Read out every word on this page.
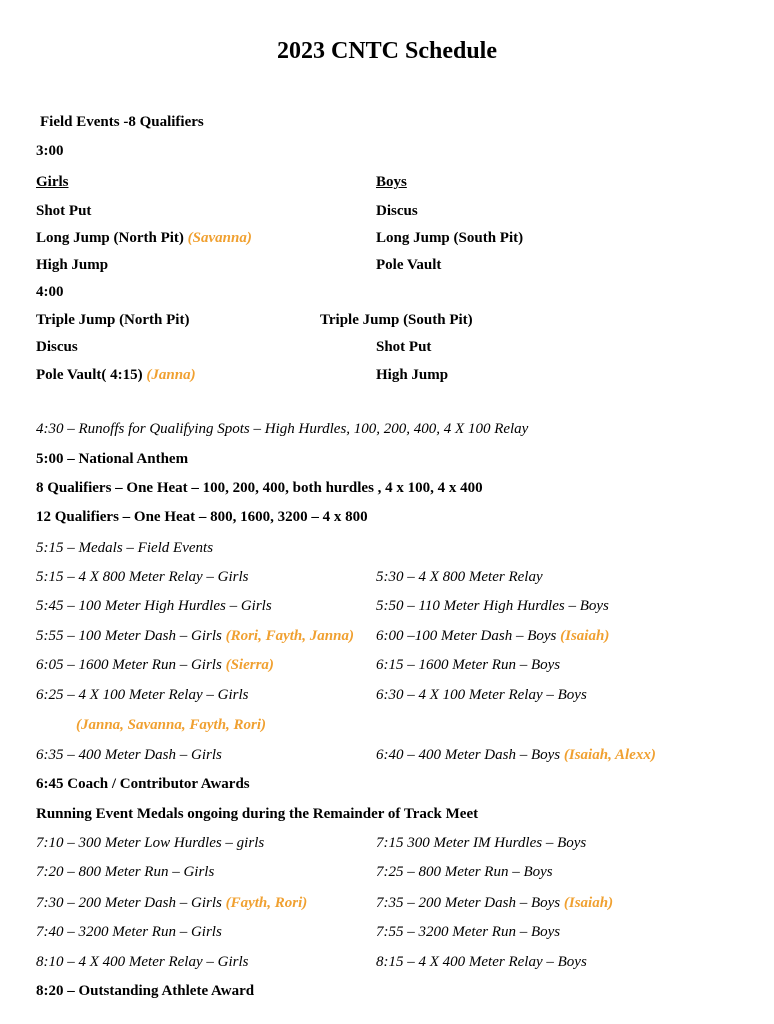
2023 CNTC Schedule
Field Events -8 Qualifiers
3:00
Girls	Boys
Shot Put	Discus
Long Jump (North Pit) (Savanna)	Long Jump (South Pit)
High Jump	Pole Vault
4:00
Triple Jump (North Pit)	Triple Jump (South Pit)
Discus	Shot Put
Pole Vault( 4:15) (Janna)	High Jump
4:30 – Runoffs for Qualifying Spots – High Hurdles, 100, 200, 400, 4 X 100 Relay
5:00 – National Anthem
8 Qualifiers – One Heat – 100, 200, 400, both hurdles , 4 x 100, 4 x 400
12 Qualifiers – One Heat – 800, 1600, 3200 – 4 x 800
5:15 – Medals – Field Events
5:15 – 4 X 800 Meter Relay – Girls	5:30 – 4 X 800 Meter Relay
5:45 – 100 Meter High Hurdles – Girls	5:50 – 110 Meter High Hurdles – Boys
5:55 – 100 Meter Dash – Girls (Rori, Fayth, Janna) 6:00 –100 Meter Dash – Boys (Isaiah)
6:05 – 1600 Meter Run – Girls (Sierra)	6:15 – 1600 Meter Run – Boys
6:25 – 4 X 100 Meter Relay – Girls	6:30 – 4 X 100 Meter Relay – Boys
(Janna, Savanna, Fayth, Rori)
6:35 – 400 Meter Dash – Girls	6:40 – 400 Meter Dash – Boys (Isaiah, Alexx)
6:45 Coach / Contributor Awards
Running Event Medals ongoing during the Remainder of Track Meet
7:10 – 300 Meter Low Hurdles – girls	7:15 300 Meter IM Hurdles – Boys
7:20 – 800 Meter Run – Girls	7:25 – 800 Meter Run – Boys
7:30 – 200 Meter Dash – Girls (Fayth, Rori)	7:35 – 200 Meter Dash – Boys (Isaiah)
7:40 – 3200 Meter Run – Girls	7:55 – 3200 Meter Run – Boys
8:10 – 4 X 400 Meter Relay – Girls	8:15 – 4 X 400 Meter Relay – Boys
8:20 – Outstanding Athlete Award
